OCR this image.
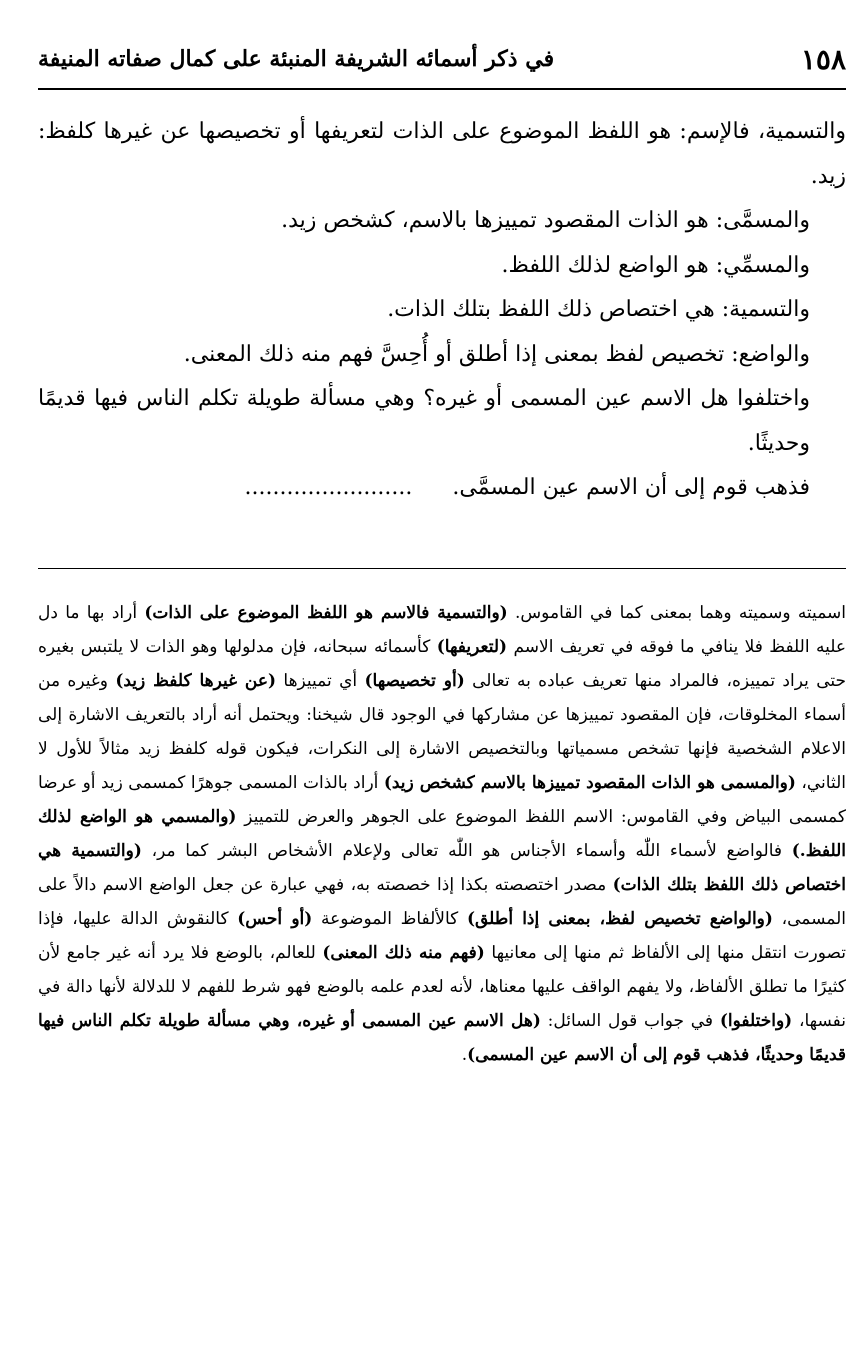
١٥٨
في ذكر أسمائه الشريفة المنبئة على كمال صفاته المنيفة

والتسمية، فالإسم: هو اللفظ الموضوع على الذات لتعريفها أو تخصيصها عن غيرها كلفظ: زيد.

والمسمَّى: هو الذات المقصود تمييزها بالاسم، كشخص زيد.

والمسمِّي: هو الواضع لذلك اللفظ.

والتسمية: هي اختصاص ذلك اللفظ بتلك الذات.

والواضع: تخصيص لفظ بمعنى إذا أطلق أو أُحِسَّ فهم منه ذلك المعنى.

واختلفوا هل الاسم عين المسمى أو غيره؟ وهي مسألة طويلة تكلم الناس فيها قديمًا وحديثًا.

فذهب قوم إلى أن الاسم عين المسمَّى.........................

اسميته وسميته وهما بمعنى كما في القاموس. (والتسمية فالاسم هو اللفظ الموضوع على الذات) أراد بها ما دل عليه اللفظ فلا ينافي ما فوقه في تعريف الاسم (لتعريفها) كأسمائه سبحانه، فإن مدلولها وهو الذات لا يلتبس بغيره حتى يراد تمييزه، فالمراد منها تعريف عباده به تعالى (أو تخصيصها) أي تمييزها (عن غيرها كلفظ زيد) وغيره من أسماء المخلوقات، فإن المقصود تمييزها عن مشاركها في الوجود قال شيخنا: ويحتمل أنه أراد بالتعريف الاشارة إلى الاعلام الشخصية فإنها تشخص مسمياتها وبالتخصيص الاشارة إلى النكرات، فيكون قوله كلفظ زيد مثالاً للأول لا الثاني، (والمسمى هو الذات المقصود تمييزها بالاسم كشخص زيد) أراد بالذات المسمى جوهرًا كمسمى زيد أو عرضا كمسمى البياض وفي القاموس: الاسم اللفظ الموضوع على الجوهر والعرض للتمييز (والمسمي هو الواضع لذلك اللفظ.) فالواضع لأسماء اللّٰه وأسماء الأجناس هو اللّٰه تعالى ولإعلام الأشخاص البشر كما مر، (والتسمية هي اختصاص ذلك اللفظ بتلك الذات) مصدر اختصصته بكذا إذا خصصته به، فهي عبارة عن جعل الواضع الاسم دالاً على المسمى، (والواضع تخصيص لفظ، بمعنى إذا أطلق) كالألفاظ الموضوعة (أو أحس) كالنقوش الدالة عليها، فإذا تصورت انتقل منها إلى الألفاظ ثم منها إلى معانيها (فهم منه ذلك المعنى) للعالم، بالوضع فلا يرد أنه غير جامع لأن كثيرًا ما تطلق الألفاظ، ولا يفهم الواقف عليها معناها، لأنه لعدم علمه بالوضع فهو شرط للفهم لا للدلالة لأنها دالة في نفسها، (واختلفوا) في جواب قول السائل: (هل الاسم عين المسمى أو غيره، وهي مسألة طويلة تكلم الناس فيها قديمًا وحديثًا، فذهب قوم إلى أن الاسم عين المسمى).
